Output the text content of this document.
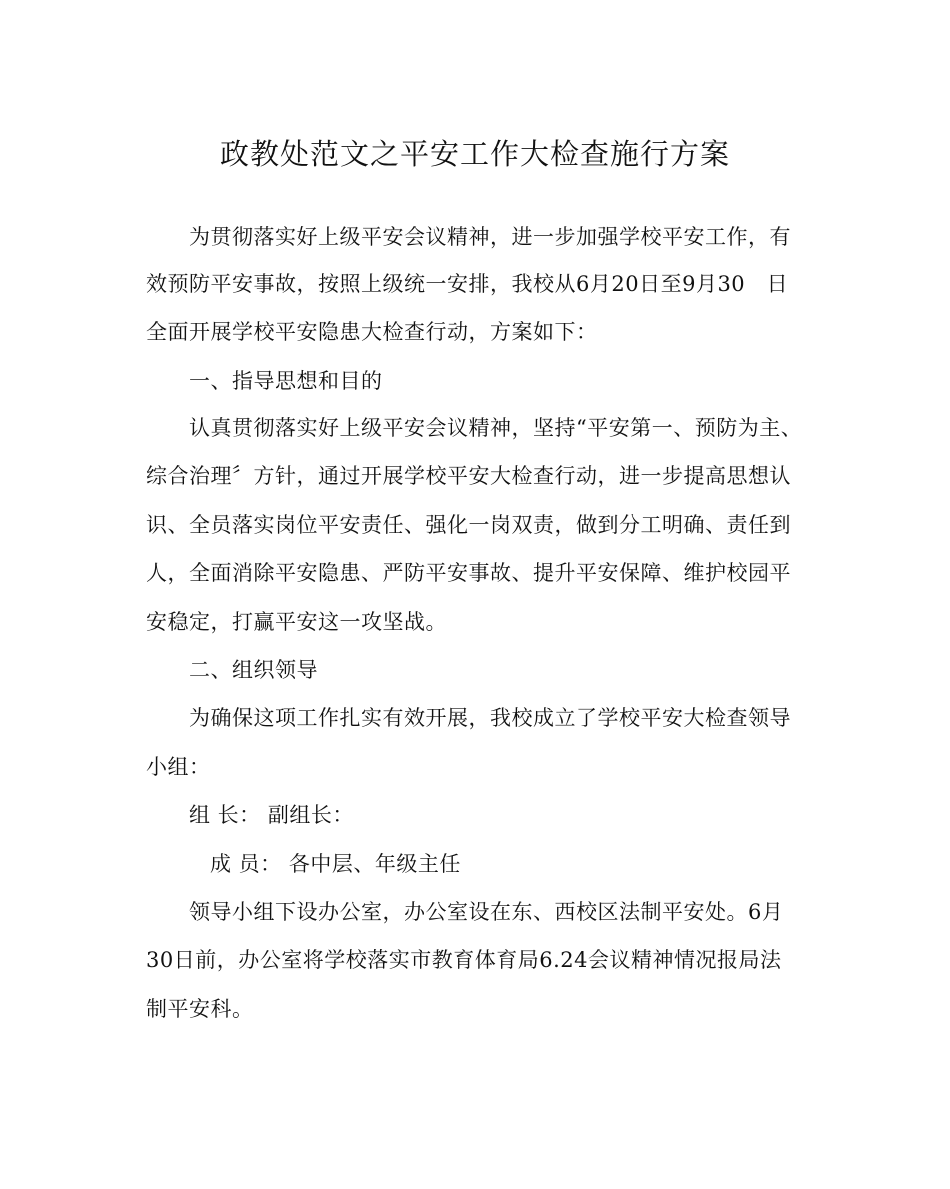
政教处范文之平安工作大检查施行方案

为贯彻落实好上级平安会议精神，进一步加强学校平安工作，有

效预防平安事故，按照上级统一安排，我校从6月20日至9月30　日

全面开展学校平安隐患大检查行动，方案如下：

一、指导思想和目的

认真贯彻落实好上级平安会议精神，坚持“平安第一、预防为主、

综合治理〞方针，通过开展学校平安大检查行动，进一步提高思想认

识、全员落实岗位平安责任、强化一岗双责，做到分工明确、责任到

人，全面消除平安隐患、严防平安事故、提升平安保障、维护校园平

安稳定，打赢平安这一攻坚战。

二、组织领导

为确保这项工作扎实有效开展，我校成立了学校平安大检查领导

小组：

组 长： 副组长：

成 员： 各中层、年级主任

领导小组下设办公室，办公室设在东、西校区法制平安处。6月

30日前，办公室将学校落实市教育体育局6.24会议精神情况报局法

制平安科。
